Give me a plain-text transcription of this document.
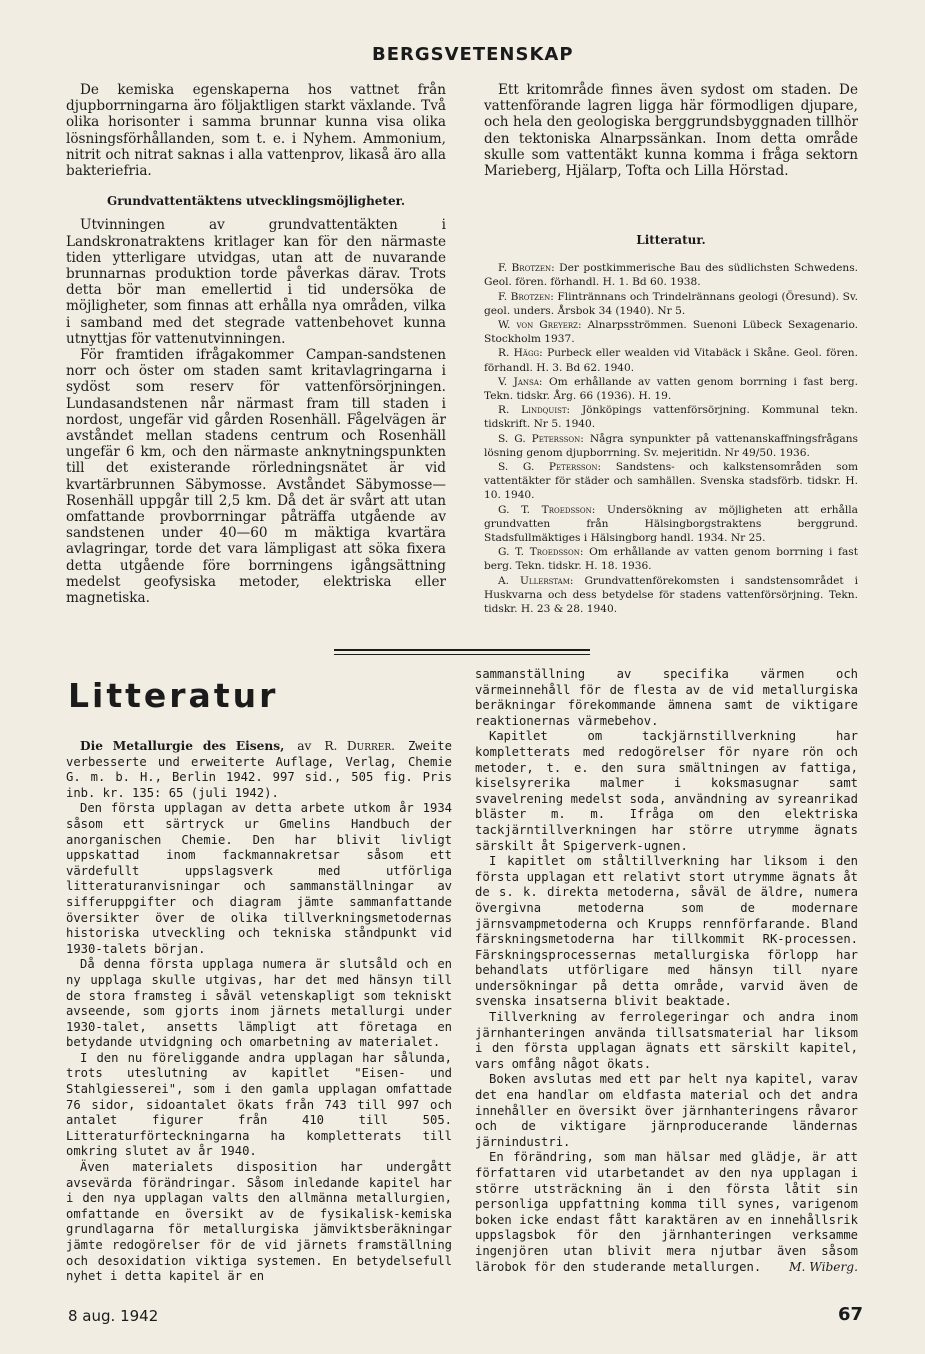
BERGSVETENSKAP

De kemiska egenskaperna hos vattnet från djupborrningarna äro följaktligen starkt växlande. Två olika horisonter i samma brunnar kunna visa olika lösningsförhållanden, som t. e. i Nyhem. Ammonium, nitrit och nitrat saknas i alla vattenprov, likaså äro alla bakteriefria.

Grundvattentäktens utvecklingsmöjligheter.

Utvinningen av grundvattentäkten i Landskronatraktens kritlager kan för den närmaste tiden ytterligare utvidgas, utan att de nuvarande brunnarnas produktion torde påverkas därav. Trots detta bör man emellertid i tid undersöka de möjligheter, som finnas att erhålla nya områden, vilka i samband med det stegrade vattenbehovet kunna utnyttjas för vattenutvinningen.

För framtiden ifrågakommer Campan-sandstenen norr och öster om staden samt kritavlagringarna i sydöst som reserv för vattenförsörjningen. Lundasandstenen når närmast fram till staden i nordost, ungefär vid gården Rosenhäll. Fågelvägen är avståndet mellan stadens centrum och Rosenhäll ungefär 6 km, och den närmaste anknytningspunkten till det existerande rörledningsnätet är vid kvartärbrunnen Säbymosse. Avståndet Säbymosse—Rosenhäll uppgår till 2,5 km. Då det är svårt att utan omfattande provborrningar påträffa utgående av sandstenen under 40—60 m mäktiga kvartära avlagringar, torde det vara lämpligast att söka fixera detta utgående före borrningens igångsättning medelst geofysiska metoder, elektriska eller magnetiska.

Ett kritområde finnes även sydost om staden. De vattenförande lagren ligga här förmodligen djupare, och hela den geologiska berggrundsbyggnaden tillhör den tektoniska Alnarpssänkan. Inom detta område skulle som vattentäkt kunna komma i fråga sektorn Marieberg, Hjälarp, Tofta och Lilla Hörstad.

Litteratur.

F. Brotzen: Der postkimmerische Bau des südlichsten Schwedens. Geol. fören. förhandl. H. 1. Bd 60. 1938.

F. Brotzen: Flintrännans och Trindelrännans geologi (Öresund). Sv. geol. unders. Årsbok 34 (1940). Nr 5.

W. von Greyerz: Alnarpsströmmen. Suenoni Lübeck Sexagenario. Stockholm 1937.

R. Hägg: Purbeck eller wealden vid Vitabäck i Skåne. Geol. fören. förhandl. H. 3. Bd 62. 1940.

V. Jansa: Om erhållande av vatten genom borrning i fast berg. Tekn. tidskr. Årg. 66 (1936). H. 19.

R. Lindquist: Jönköpings vattenförsörjning. Kommunal tekn. tidskrift. Nr 5. 1940.

S. G. Petersson: Några synpunkter på vattenanskaffningsfrågans lösning genom djupborrning. Sv. mejeritidn. Nr 49/50. 1936.

S. G. Petersson: Sandstens- och kalkstensområden som vattentäkter för städer och samhällen. Svenska stadsförb. tidskr. H. 10. 1940.

G. T. Troedsson: Undersökning av möjligheten att erhålla grundvatten från Hälsingborgstraktens berggrund. Stadsfullmäktiges i Hälsingborg handl. 1934. Nr 25.

G. T. Troedsson: Om erhållande av vatten genom borrning i fast berg. Tekn. tidskr. H. 18. 1936.

A. Ullerstam: Grundvattenförekomsten i sandstensområdet i Huskvarna och dess betydelse för stadens vattenförsörjning. Tekn. tidskr. H. 23 & 28. 1940.

Litteratur

Die Metallurgie des Eisens, av R. Durrer. Zweite verbesserte und erweiterte Auflage, Verlag, Chemie G. m. b. H., Berlin 1942. 997 sid., 505 fig. Pris inb. kr. 135: 65 (juli 1942).

Den första upplagan av detta arbete utkom år 1934 såsom ett särtryck ur Gmelins Handbuch der anorganischen Chemie. Den har blivit livligt uppskattad inom fackmannakretsar såsom ett värdefullt uppslagsverk med utförliga litteraturanvisningar och sammanställningar av sifferuppgifter och diagram jämte sammanfattande översikter över de olika tillverkningsmetodernas historiska utveckling och tekniska ståndpunkt vid 1930-talets början.

Då denna första upplaga numera är slutsåld och en ny upplaga skulle utgivas, har det med hänsyn till de stora framsteg i såväl vetenskapligt som tekniskt avseende, som gjorts inom järnets metallurgi under 1930-talet, ansetts lämpligt att företaga en betydande utvidgning och omarbetning av materialet.

I den nu föreliggande andra upplagan har sålunda, trots uteslutning av kapitlet "Eisen- und Stahlgiesserei", som i den gamla upplagan omfattade 76 sidor, sidoantalet ökats från 743 till 997 och antalet figurer från 410 till 505. Litteraturförteckningarna ha kompletterats till omkring slutet av år 1940.

Även materialets disposition har undergått avsevärda förändringar. Såsom inledande kapitel har i den nya upplagan valts den allmänna metallurgien, omfattande en översikt av de fysikalisk-kemiska grundlagarna för metallurgiska jämviktsberäkningar jämte redogörelser för de vid järnets framställning och desoxidation viktiga systemen. En betydelsefull nyhet i detta kapitel är en

sammanställning av specifika värmen och värmeinnehåll för de flesta av de vid metallurgiska beräkningar förekommande ämnena samt de viktigare reaktionernas värmebehov.

Kapitlet om tackjärnstillverkning har kompletterats med redogörelser för nyare rön och metoder, t. e. den sura smältningen av fattiga, kiselsyrerika malmer i koksmasugnar samt svavelrening medelst soda, användning av syreanrikad bläster m. m. Ifråga om den elektriska tackjärntillverkningen har större utrymme ägnats särskilt åt Spigerverk-ugnen.

I kapitlet om ståltillverkning har liksom i den första upplagan ett relativt stort utrymme ägnats åt de s. k. direkta metoderna, såväl de äldre, numera övergivna metoderna som de modernare järnsvampmetoderna och Krupps rennförfarande. Bland färskningsmetoderna har tillkommit RK-processen. Färskningsprocessernas metallurgiska förlopp har behandlats utförligare med hänsyn till nyare undersökningar på detta område, varvid även de svenska insatserna blivit beaktade.

Tillverkning av ferrolegeringar och andra inom järnhanteringen använda tillsatsmaterial har liksom i den första upplagan ägnats ett särskilt kapitel, vars omfång något ökats.

Boken avslutas med ett par helt nya kapitel, varav det ena handlar om eldfasta material och det andra innehåller en översikt över järnhanteringens råvaror och de viktigare järnproducerande ländernas järnindustri.

En förändring, som man hälsar med glädje, är att författaren vid utarbetandet av den nya upplagan i större utsträckning än i den första låtit sin personliga uppfattning komma till synes, varigenom boken icke endast fått karaktären av en innehållsrik uppslagsbok för den järnhanteringen verksamme ingenjören utan blivit mera njutbar även såsom lärobok för den studerande metallurgen.	M. Wiberg.
8 aug. 1942	67
